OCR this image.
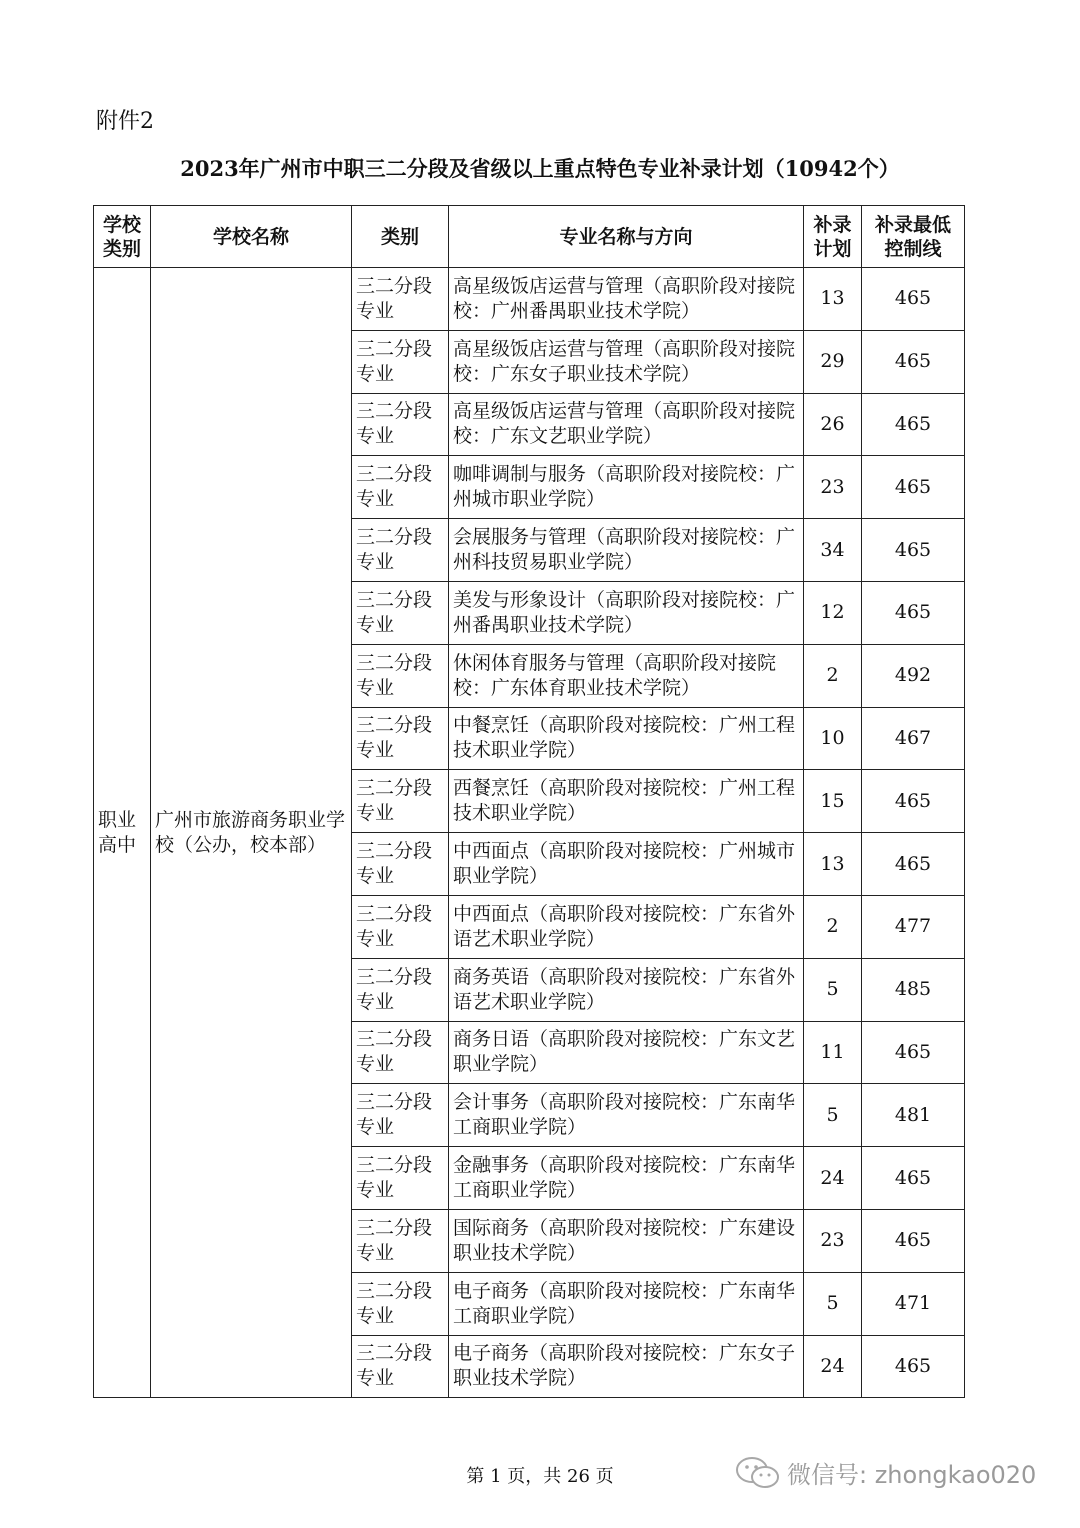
附件2
2023年广州市中职三二分段及省级以上重点特色专业补录计划（10942个）
学校类别	学校名称	类别	专业名称与方向	补录计划	补录最低控制线
职业高中	广州市旅游商务职业学校（公办，校本部）	三二分段专业	高星级饭店运营与管理（高职阶段对接院校：广州番禺职业技术学院）	13	465
		三二分段专业	高星级饭店运营与管理（高职阶段对接院校：广东女子职业技术学院）	29	465
		三二分段专业	高星级饭店运营与管理（高职阶段对接院校：广东文艺职业学院）	26	465
		三二分段专业	咖啡调制与服务（高职阶段对接院校：广州城市职业学院）	23	465
		三二分段专业	会展服务与管理（高职阶段对接院校：广州科技贸易职业学院）	34	465
		三二分段专业	美发与形象设计（高职阶段对接院校：广州番禺职业技术学院）	12	465
		三二分段专业	休闲体育服务与管理（高职阶段对接院校：广东体育职业技术学院）	2	492
		三二分段专业	中餐烹饪（高职阶段对接院校：广州工程技术职业学院）	10	467
		三二分段专业	西餐烹饪（高职阶段对接院校：广州工程技术职业学院）	15	465
		三二分段专业	中西面点（高职阶段对接院校：广州城市职业学院）	13	465
		三二分段专业	中西面点（高职阶段对接院校：广东省外语艺术职业学院）	2	477
		三二分段专业	商务英语（高职阶段对接院校：广东省外语艺术职业学院）	5	485
		三二分段专业	商务日语（高职阶段对接院校：广东文艺职业学院）	11	465
		三二分段专业	会计事务（高职阶段对接院校：广东南华工商职业学院）	5	481
		三二分段专业	金融事务（高职阶段对接院校：广东南华工商职业学院）	24	465
		三二分段专业	国际商务（高职阶段对接院校：广东建设职业技术学院）	23	465
		三二分段专业	电子商务（高职阶段对接院校：广东南华工商职业学院）	5	471
		三二分段专业	电子商务（高职阶段对接院校：广东女子职业技术学院）	24	465
第 1 页，共 26 页	微信号: zhongkao020
